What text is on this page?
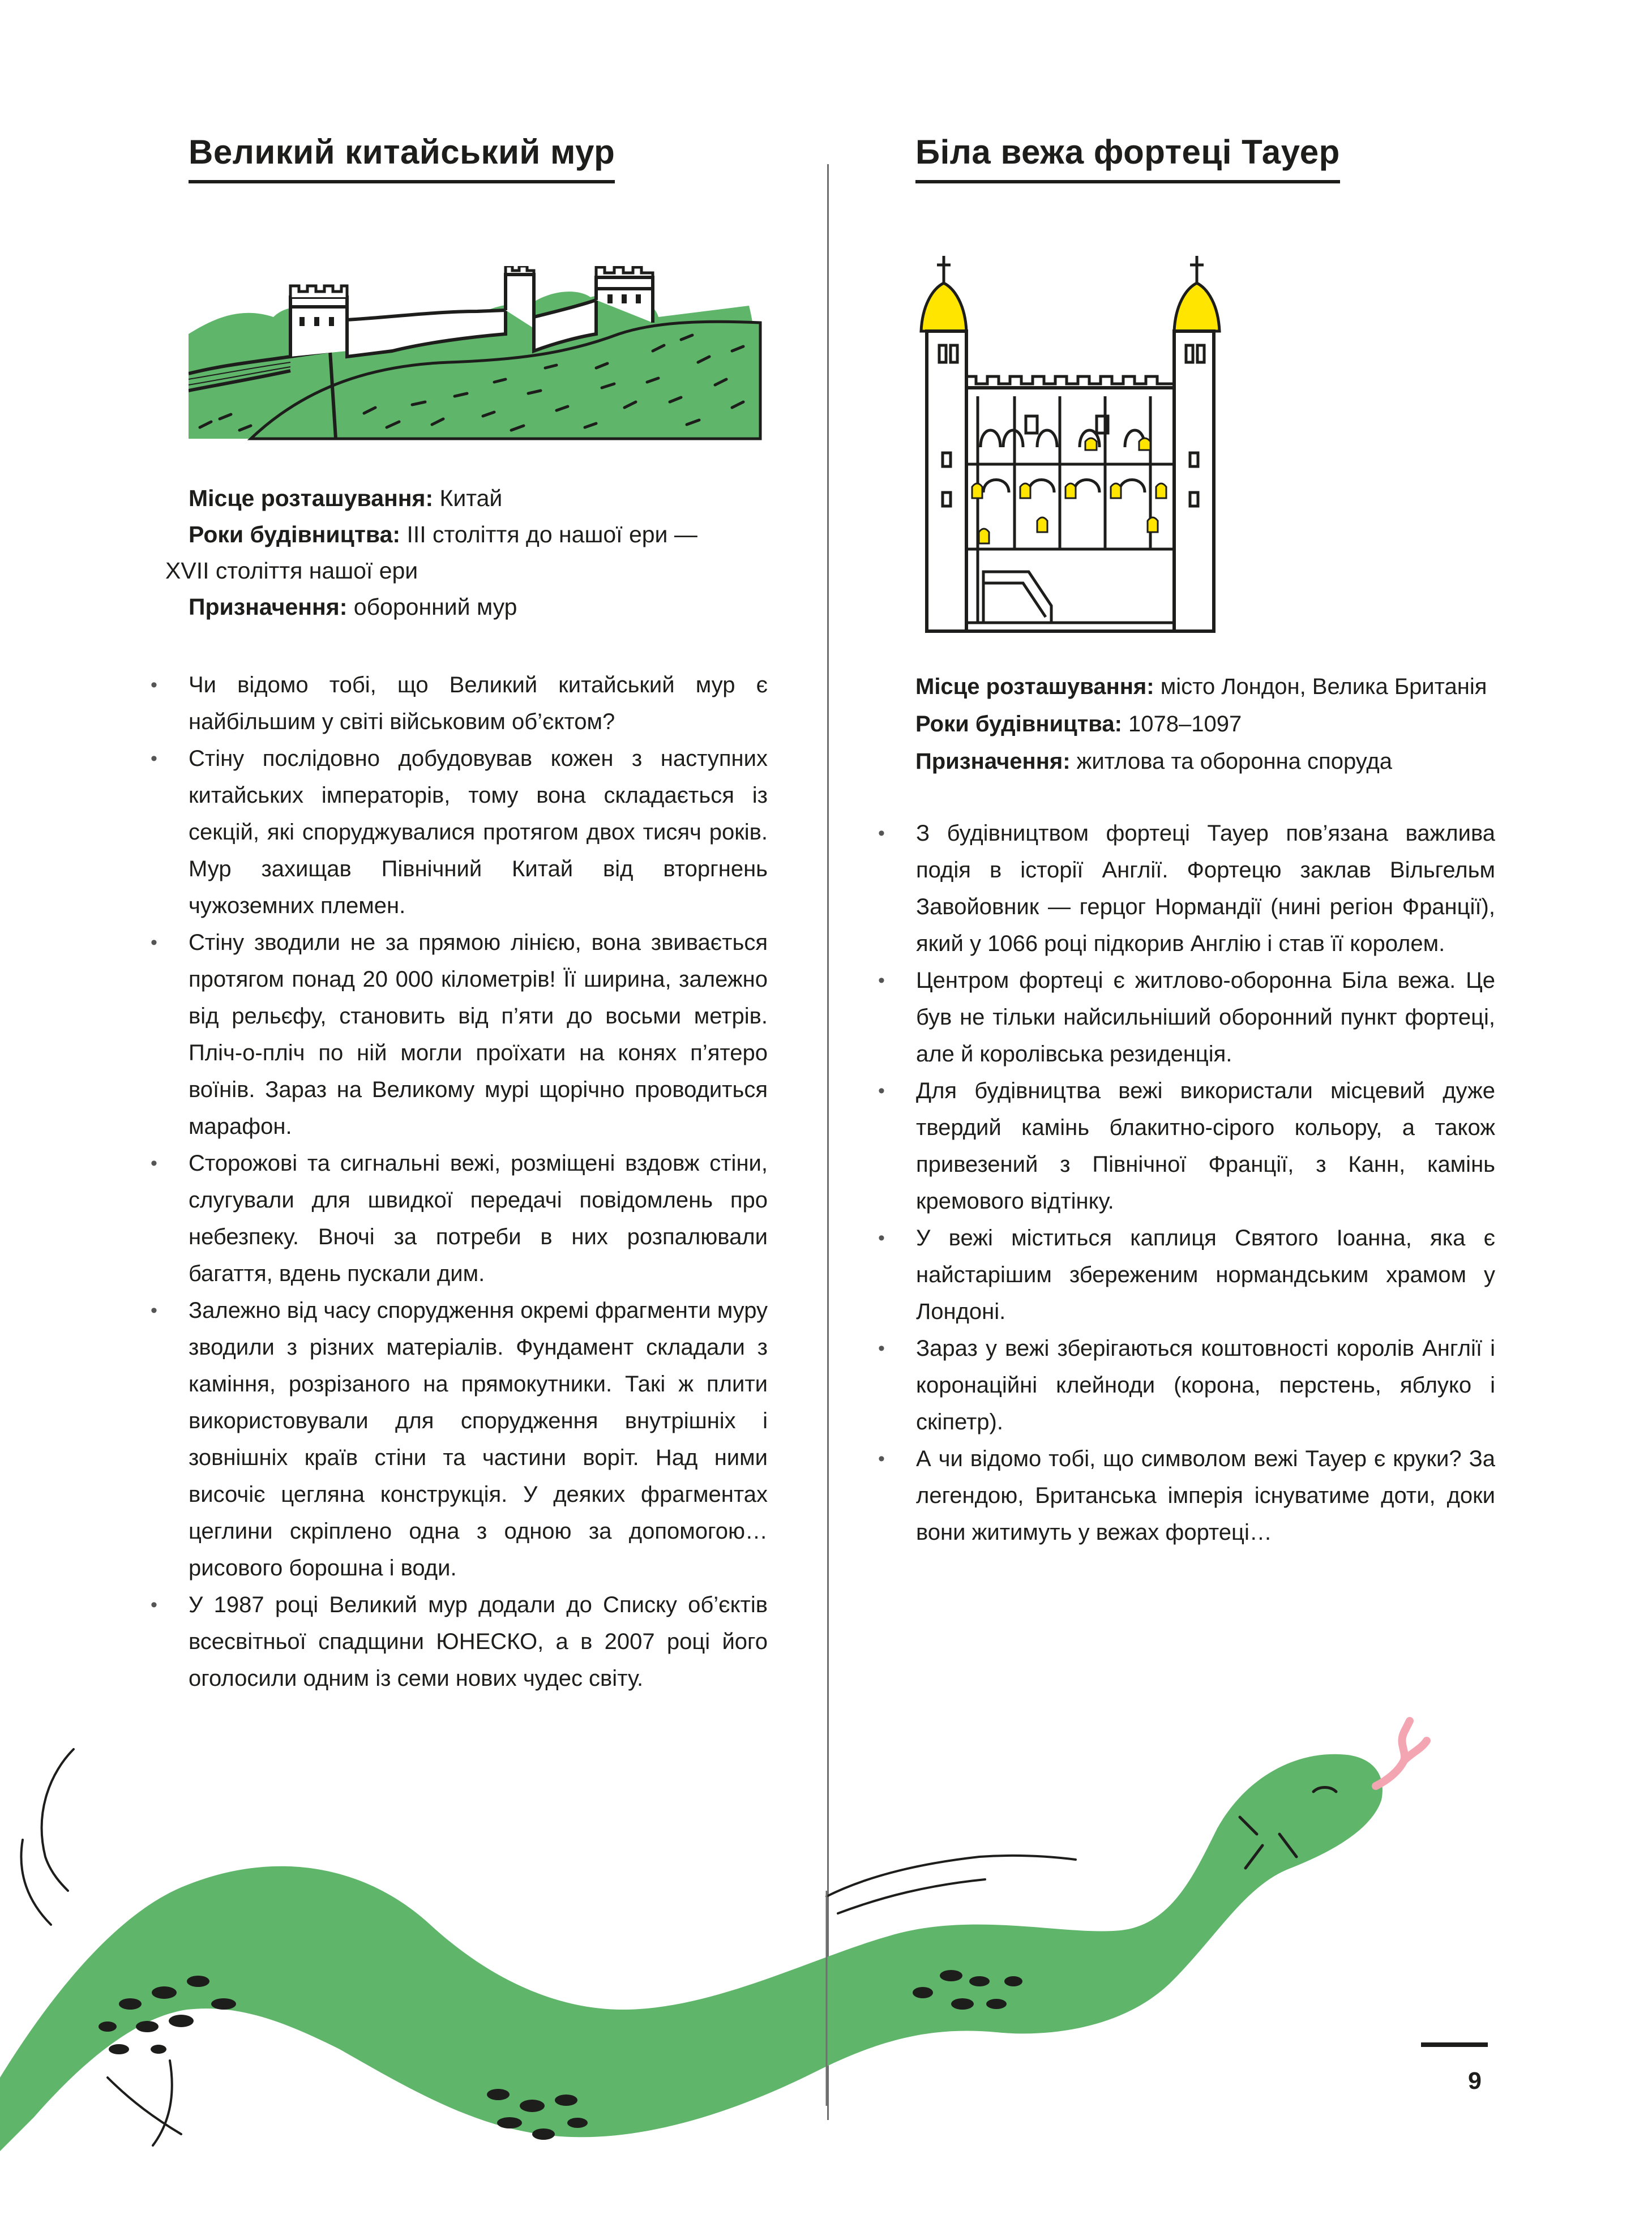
Великий китайський мур	Біла вежа фортеці Тауер

Місце розташування: Китай

Роки будівництва: III століття до нашої ери —

XVII століття нашої ери

Призначення: оборонний мур

Місце розташування: місто Лондон, Велика Британія

Роки будівництва: 1078–1097

Призначення: житлова та оборонна споруда

• Чи відомо тобі, що Великий китайський мур є найбільшим у світі військовим об’єктом?
• Стіну послідовно добудовував кожен з наступних китайських імператорів, тому вона складається із секцій, які споруджувалися протягом двох тисяч років. Мур захищав Північний Китай від вторгнень чужоземних племен.
• Стіну зводили не за прямою лінією, вона звивається протягом понад 20 000 кілометрів! Її ширина, залежно від рельєфу, становить від п’яти до восьми метрів. Пліч-о-пліч по ній могли проїхати на конях п’ятеро воїнів. Зараз на Великому мурі щорічно проводиться марафон.
• Сторожові та сигнальні вежі, розміщені вздовж стіни, слугували для швидкої передачі повідомлень про небезпеку. Вночі за потреби в них розпалювали багаття, вдень пускали дим.
• Залежно від часу спорудження окремі фрагменти муру зводили з різних матеріалів. Фундамент складали з каміння, розрізаного на прямокутники. Такі ж плити використовували для спорудження внутрішніх і зовнішніх країв стіни та частини воріт. Над ними височіє цегляна конструкція. У деяких фрагментах цеглини скріплено одна з одною за допомогою… рисового борошна і води.
• У 1987 році Великий мур додали до Списку об’єктів всесвітньої спадщини ЮНЕСКО, а в 2007 році його оголосили одним із семи нових чудес світу.
• З будівництвом фортеці Тауер пов’язана важлива подія в історії Англії. Фортецю заклав Вільгельм Завойовник — герцог Нормандії (нині регіон Франції), який у 1066 році підкорив Англію і став її королем.
• Центром фортеці є житлово-оборонна Біла вежа. Це був не тільки найсильніший оборонний пункт фортеці, але й королівська резиденція.
• Для будівництва вежі використали місцевий дуже твердий камінь блакитно-сірого кольору, а також привезений з Північної Франції, з Канн, камінь кремового відтінку.
• У вежі міститься каплиця Святого Іоанна, яка є найстарішим збереженим нормандським храмом у Лондоні.
• Зараз у вежі зберігаються коштовності королів Англії і коронаційні клейноди (корона, перстень, яблуко і скіпетр).
• А чи відомо тобі, що символом вежі Тауер є круки? За легендою, Британська імперія існуватиме доти, доки вони житимуть у вежах фортеці…
9
